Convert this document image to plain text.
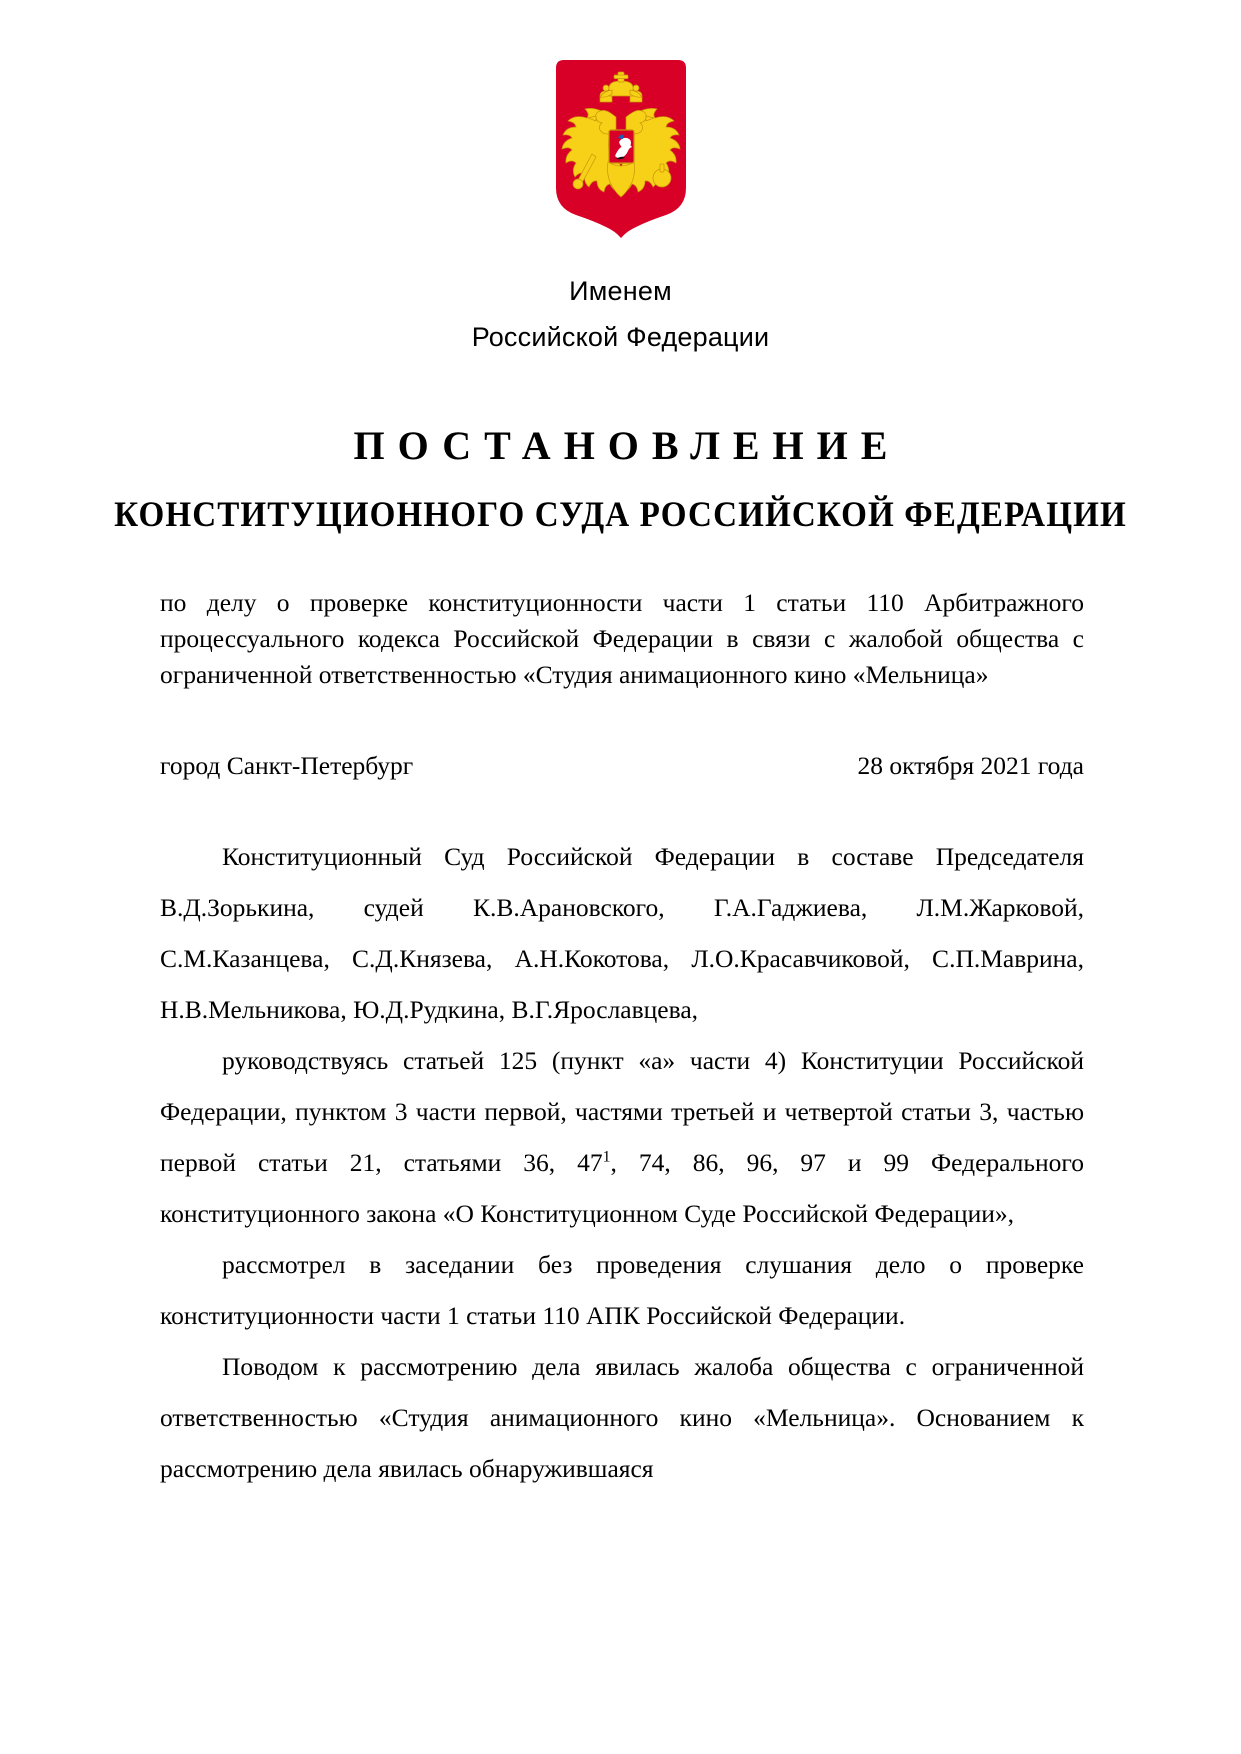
Именем
Российской Федерации
ПОСТАНОВЛЕНИЕ
КОНСТИТУЦИОННОГО СУДА РОССИЙСКОЙ ФЕДЕРАЦИИ

по делу о проверке конституционности части 1 статьи 110 Арбитражного процессуального кодекса Российской Федерации в связи с жалобой общества с ограниченной ответственностью «Студия анимационного кино «Мельница»

город Санкт-Петербург	28 октября 2021 года

Конституционный Суд Российской Федерации в составе Председателя В.Д.Зорькина, судей К.В.Арановского, Г.А.Гаджиева, Л.М.Жарковой, С.М.Казанцева, С.Д.Князева, А.Н.Кокотова, Л.О.Красавчиковой, С.П.Маврина, Н.В.Мельникова, Ю.Д.Рудкина, В.Г.Ярославцева,

руководствуясь статьей 125 (пункт «а» части 4) Конституции Российской Федерации, пунктом 3 части первой, частями третьей и четвертой статьи 3, частью первой статьи 21, статьями 36, $47^1$, 74, 86, 96, 97 и 99 Федерального конституционного закона «О Конституционном Суде Российской Федерации»,

рассмотрел в заседании без проведения слушания дело о проверке конституционности части 1 статьи 110 АПК Российской Федерации.

Поводом к рассмотрению дела явилась жалоба общества с ограниченной ответственностью «Студия анимационного кино «Мельница». Основанием к рассмотрению дела явилась обнаружившаяся
